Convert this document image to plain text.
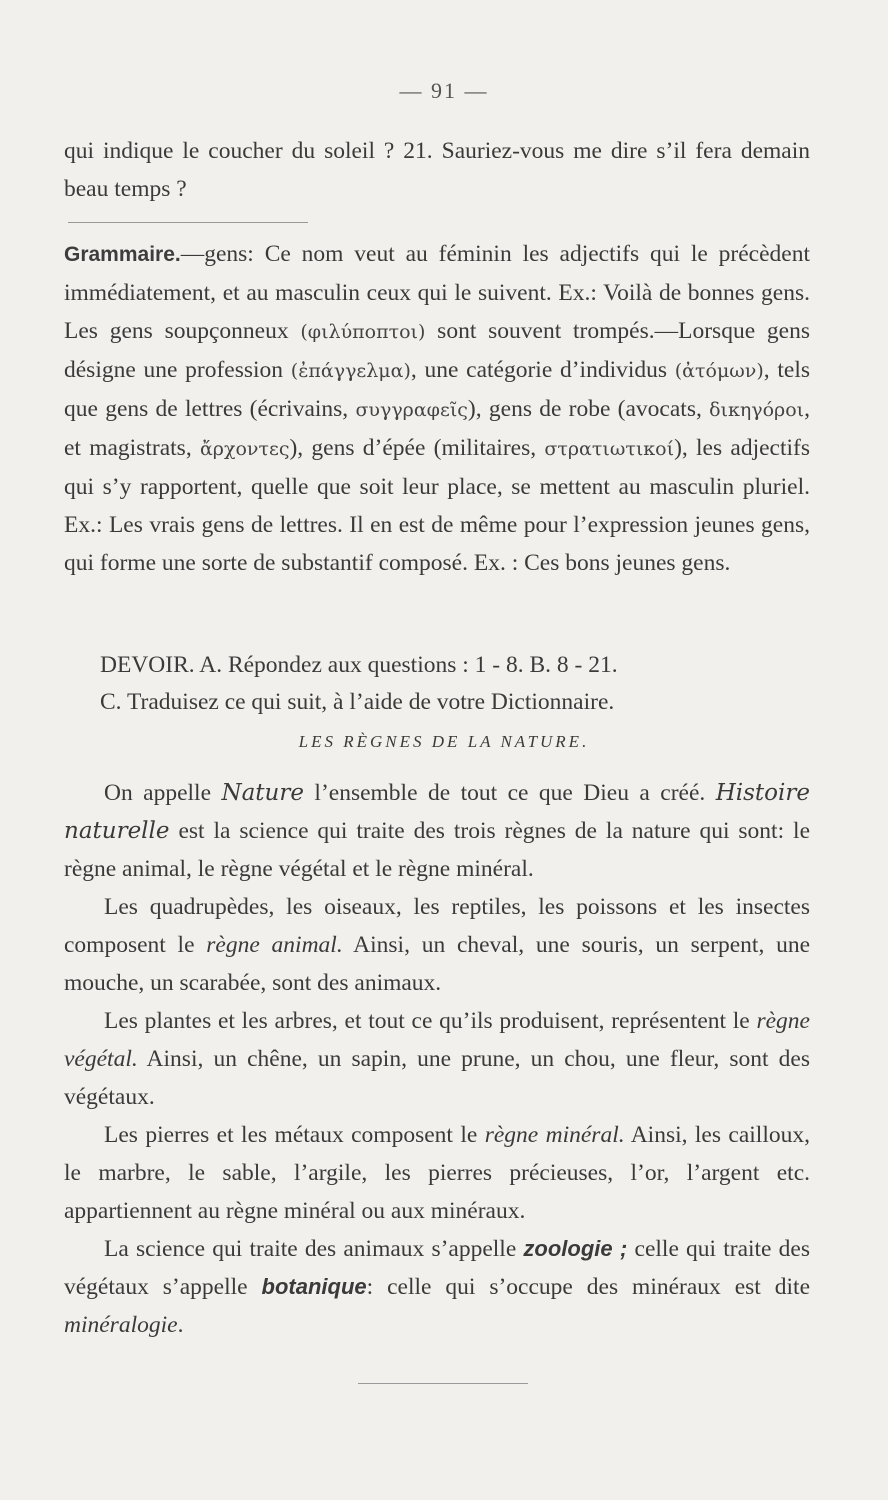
— 91 —
qui indique le coucher du soleil ? 21. Sauriez-vous me dire s’il fera demain beau temps ?
Grammaire.—gens: Ce nom veut au féminin les adjectifs qui le précèdent immédiatement, et au masculin ceux qui le suivent. Ex.: Voilà de bonnes gens. Les gens soupçonneux (φιλύποπτοι) sont souvent trompés.—Lorsque gens désigne une profession (ἐπάγγελμα), une catégorie d’individus (ἀτόμων), tels que gens de lettres (écrivains, συγγραφεῖς), gens de robe (avocats, δικηγόροι, et magistrats, ἄρχοντες), gens d’épée (militaires, στρατιωτικοί), les adjectifs qui s’y rapportent, quelle que soit leur place, se mettent au masculin pluriel. Ex.: Les vrais gens de lettres. Il en est de même pour l’expression jeunes gens, qui forme une sorte de substantif composé. Ex. : Ces bons jeunes gens.

DEVOIR. A. Répondez aux questions : 1 - 8. B. 8 - 21.

C. Traduisez ce qui suit, à l’aide de votre Dictionnaire.

LES RÈGNES DE LA NATURE.

On appelle Nature l’ensemble de tout ce que Dieu a créé. Histoire naturelle est la science qui traite des trois règnes de la nature qui sont: le règne animal, le règne végétal et le règne minéral.

Les quadrupèdes, les oiseaux, les reptiles, les poissons et les insectes composent le règne animal. Ainsi, un cheval, une souris, un serpent, une mouche, un scarabée, sont des animaux.

Les plantes et les arbres, et tout ce qu’ils produisent, représentent le règne végétal. Ainsi, un chêne, un sapin, une prune, un chou, une fleur, sont des végétaux.

Les pierres et les métaux composent le règne minéral. Ainsi, les cailloux, le marbre, le sable, l’argile, les pierres précieuses, l’or, l’argent etc. appartiennent au règne minéral ou aux minéraux.

La science qui traite des animaux s’appelle zoologie ; celle qui traite des végétaux s’appelle botanique: celle qui s’occupe des minéraux est dite minéralogie.
